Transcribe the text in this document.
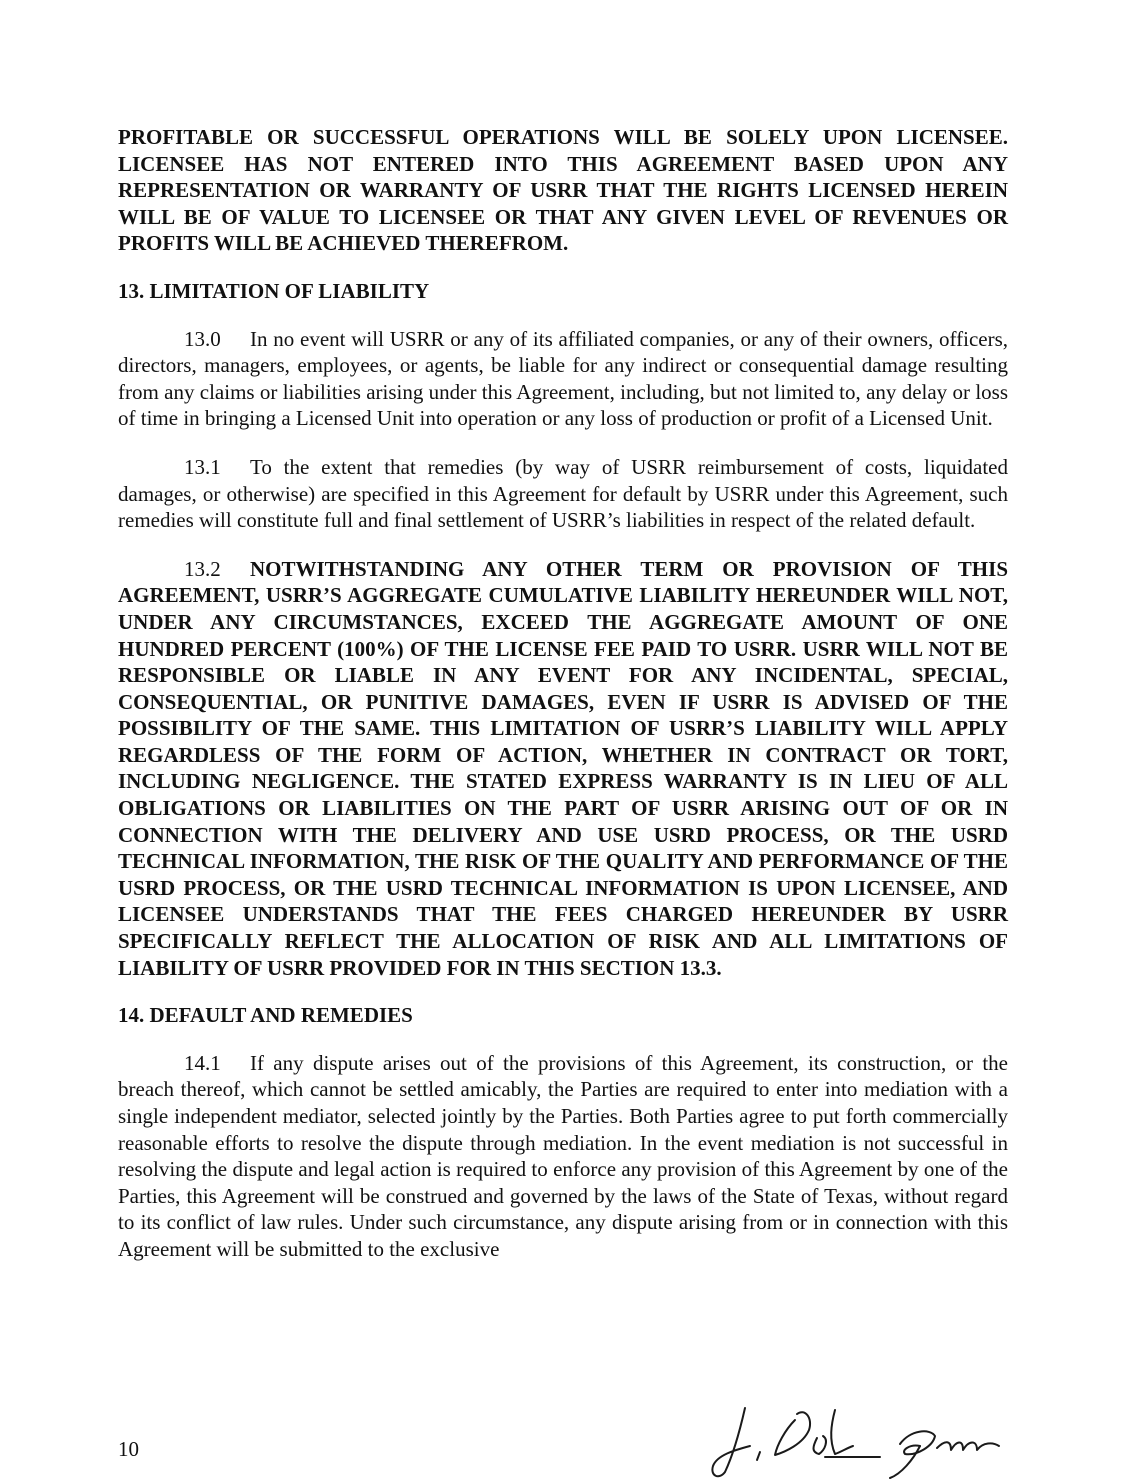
PROFITABLE OR SUCCESSFUL OPERATIONS WILL BE SOLELY UPON LICENSEE. LICENSEE HAS NOT ENTERED INTO THIS AGREEMENT BASED UPON ANY REPRESENTATION OR WARRANTY OF USRR THAT THE RIGHTS LICENSED HEREIN WILL BE OF VALUE TO LICENSEE OR THAT ANY GIVEN LEVEL OF REVENUES OR PROFITS WILL BE ACHIEVED THEREFROM.

13. LIMITATION OF LIABILITY

13.0 In no event will USRR or any of its affiliated companies, or any of their owners, officers, directors, managers, employees, or agents, be liable for any indirect or consequential damage resulting from any claims or liabilities arising under this Agreement, including, but not limited to, any delay or loss of time in bringing a Licensed Unit into operation or any loss of production or profit of a Licensed Unit.

13.1 To the extent that remedies (by way of USRR reimbursement of costs, liquidated damages, or otherwise) are specified in this Agreement for default by USRR under this Agreement, such remedies will constitute full and final settlement of USRR’s liabilities in respect of the related default.

13.2 NOTWITHSTANDING ANY OTHER TERM OR PROVISION OF THIS AGREEMENT, USRR’S AGGREGATE CUMULATIVE LIABILITY HEREUNDER WILL NOT, UNDER ANY CIRCUMSTANCES, EXCEED THE AGGREGATE AMOUNT OF ONE HUNDRED PERCENT (100%) OF THE LICENSE FEE PAID TO USRR. USRR WILL NOT BE RESPONSIBLE OR LIABLE IN ANY EVENT FOR ANY INCIDENTAL, SPECIAL, CONSEQUENTIAL, OR PUNITIVE DAMAGES, EVEN IF USRR IS ADVISED OF THE POSSIBILITY OF THE SAME. THIS LIMITATION OF USRR’S LIABILITY WILL APPLY REGARDLESS OF THE FORM OF ACTION, WHETHER IN CONTRACT OR TORT, INCLUDING NEGLIGENCE. THE STATED EXPRESS WARRANTY IS IN LIEU OF ALL OBLIGATIONS OR LIABILITIES ON THE PART OF USRR ARISING OUT OF OR IN CONNECTION WITH THE DELIVERY AND USE USRD PROCESS, OR THE USRD TECHNICAL INFORMATION, THE RISK OF THE QUALITY AND PERFORMANCE OF THE USRD PROCESS, OR THE USRD TECHNICAL INFORMATION IS UPON LICENSEE, AND LICENSEE UNDERSTANDS THAT THE FEES CHARGED HEREUNDER BY USRR SPECIFICALLY REFLECT THE ALLOCATION OF RISK AND ALL LIMITATIONS OF LIABILITY OF USRR PROVIDED FOR IN THIS SECTION 13.3.

14. DEFAULT AND REMEDIES

14.1 If any dispute arises out of the provisions of this Agreement, its construction, or the breach thereof, which cannot be settled amicably, the Parties are required to enter into mediation with a single independent mediator, selected jointly by the Parties. Both Parties agree to put forth commercially reasonable efforts to resolve the dispute through mediation. In the event mediation is not successful in resolving the dispute and legal action is required to enforce any provision of this Agreement by one of the Parties, this Agreement will be construed and governed by the laws of the State of Texas, without regard to its conflict of law rules. Under such circumstance, any dispute arising from or in connection with this Agreement will be submitted to the exclusive

10
